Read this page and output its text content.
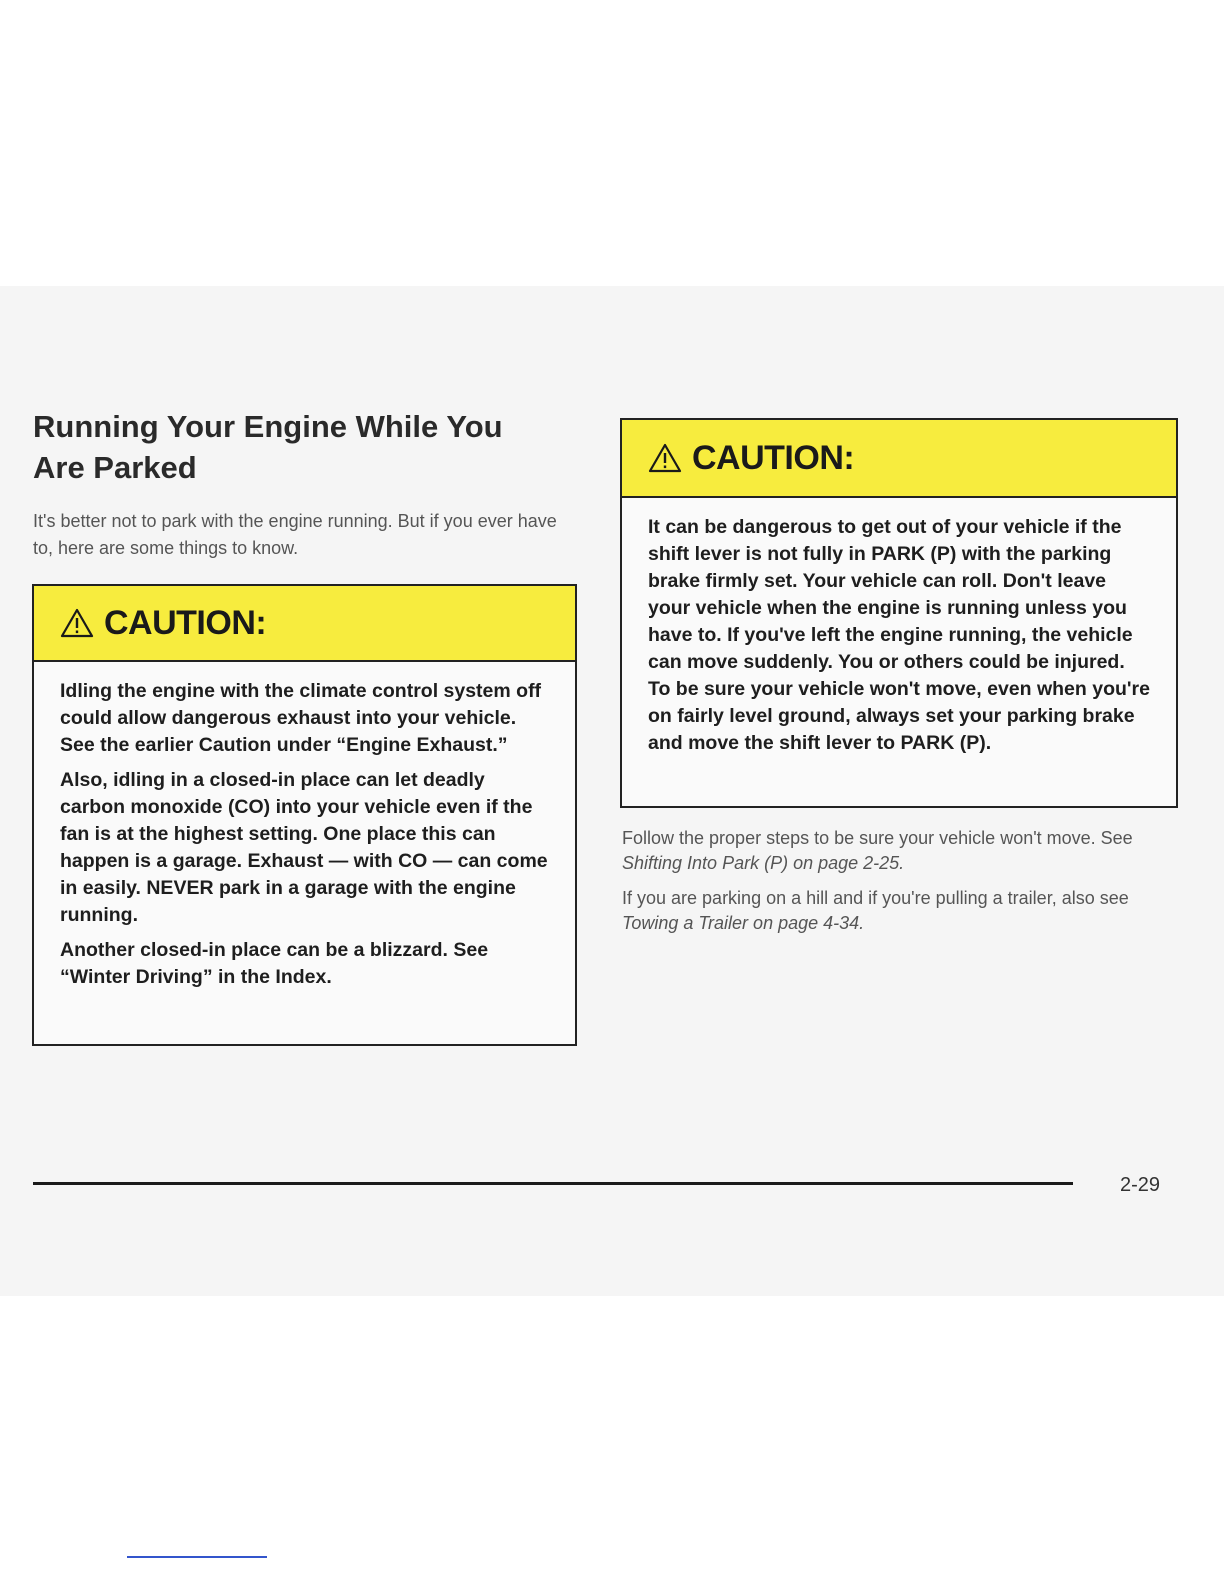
Running Your Engine While You Are Parked

It's better not to park with the engine running. But if you ever have to, here are some things to know.

CAUTION:

Idling the engine with the climate control system off could allow dangerous exhaust into your vehicle. See the earlier Caution under “Engine Exhaust.”

Also, idling in a closed-in place can let deadly carbon monoxide (CO) into your vehicle even if the fan is at the highest setting. One place this can happen is a garage. Exhaust — with CO — can come in easily. NEVER park in a garage with the engine running.

Another closed-in place can be a blizzard. See “Winter Driving” in the Index.

CAUTION:

It can be dangerous to get out of your vehicle if the shift lever is not fully in PARK (P) with the parking brake firmly set. Your vehicle can roll. Don't leave your vehicle when the engine is running unless you have to. If you've left the engine running, the vehicle can move suddenly. You or others could be injured. To be sure your vehicle won't move, even when you're on fairly level ground, always set your parking brake and move the shift lever to PARK (P).

Follow the proper steps to be sure your vehicle won't move. See Shifting Into Park (P) on page 2-25.

If you are parking on a hill and if you're pulling a trailer, also see Towing a Trailer on page 4-34.

2-29
